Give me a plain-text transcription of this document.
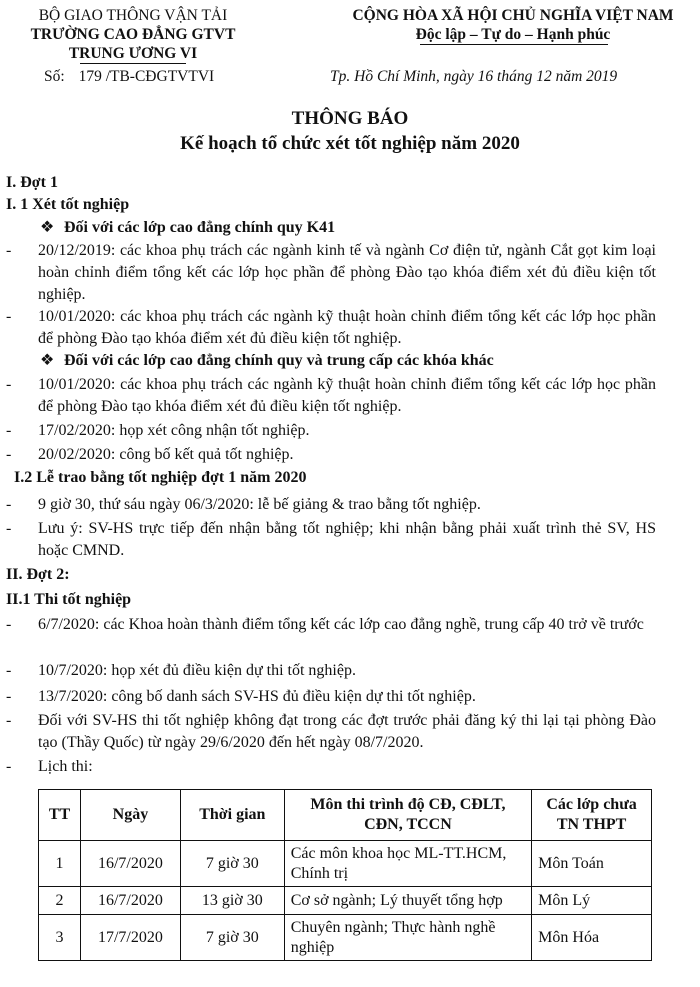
BỘ GIAO THÔNG VẬN TẢI
TRƯỜNG CAO ĐẲNG GTVT
TRUNG ƯƠNG VI
Số: 179 /TB-CĐGTVTVI
CỘNG HÒA XÃ HỘI CHỦ NGHĨA VIỆT NAM
Độc lập – Tự do – Hạnh phúc
Tp. Hồ Chí Minh, ngày 16 tháng 12 năm 2019
THÔNG BÁO
Kế hoạch tổ chức xét tốt nghiệp năm 2020
I. Đợt 1
I. 1 Xét tốt nghiệp
❖ Đối với các lớp cao đẳng chính quy K41
- 20/12/2019: các khoa phụ trách các ngành kinh tế và ngành Cơ điện tử, ngành Cắt gọt kim loại hoàn chỉnh điểm tổng kết các lớp học phần để phòng Đào tạo khóa điểm xét đủ điều kiện tốt nghiệp.
- 10/01/2020: các khoa phụ trách các ngành kỹ thuật hoàn chỉnh điểm tổng kết các lớp học phần để phòng Đào tạo khóa điểm xét đủ điều kiện tốt nghiệp.
❖ Đối với các lớp cao đẳng chính quy và trung cấp các khóa khác
- 10/01/2020: các khoa phụ trách các ngành kỹ thuật hoàn chỉnh điểm tổng kết các lớp học phần để phòng Đào tạo khóa điểm xét đủ điều kiện tốt nghiệp.
- 17/02/2020: họp xét công nhận tốt nghiệp.
- 20/02/2020: công bố kết quả tốt nghiệp.
I.2 Lễ trao bằng tốt nghiệp đợt 1 năm 2020
- 9 giờ 30, thứ sáu ngày 06/3/2020: lễ bế giảng & trao bằng tốt nghiệp.
- Lưu ý: SV-HS trực tiếp đến nhận bằng tốt nghiệp; khi nhận bằng phải xuất trình thẻ SV, HS hoặc CMND.
II. Đợt 2:
II.1 Thi tốt nghiệp
- 6/7/2020: các Khoa hoàn thành điểm tổng kết các lớp cao đẳng nghề, trung cấp 40 trở về trước
- 10/7/2020: họp xét đủ điều kiện dự thi tốt nghiệp.
- 13/7/2020: công bố danh sách SV-HS đủ điều kiện dự thi tốt nghiệp.
- Đối với SV-HS thi tốt nghiệp không đạt trong các đợt trước phải đăng ký thi lại tại phòng Đào tạo (Thầy Quốc) từ ngày 29/6/2020 đến hết ngày 08/7/2020.
- Lịch thi:
TT	Ngày	Thời gian	Môn thi trình độ CĐ, CĐLT, CĐN, TCCN	Các lớp chưa TN THPT
1	16/7/2020	7 giờ 30	Các môn khoa học ML-TT.HCM, Chính trị	Môn Toán
2	16/7/2020	13 giờ 30	Cơ sở ngành; Lý thuyết tổng hợp	Môn Lý
3	17/7/2020	7 giờ 30	Chuyên ngành; Thực hành nghề nghiệp	Môn Hóa
